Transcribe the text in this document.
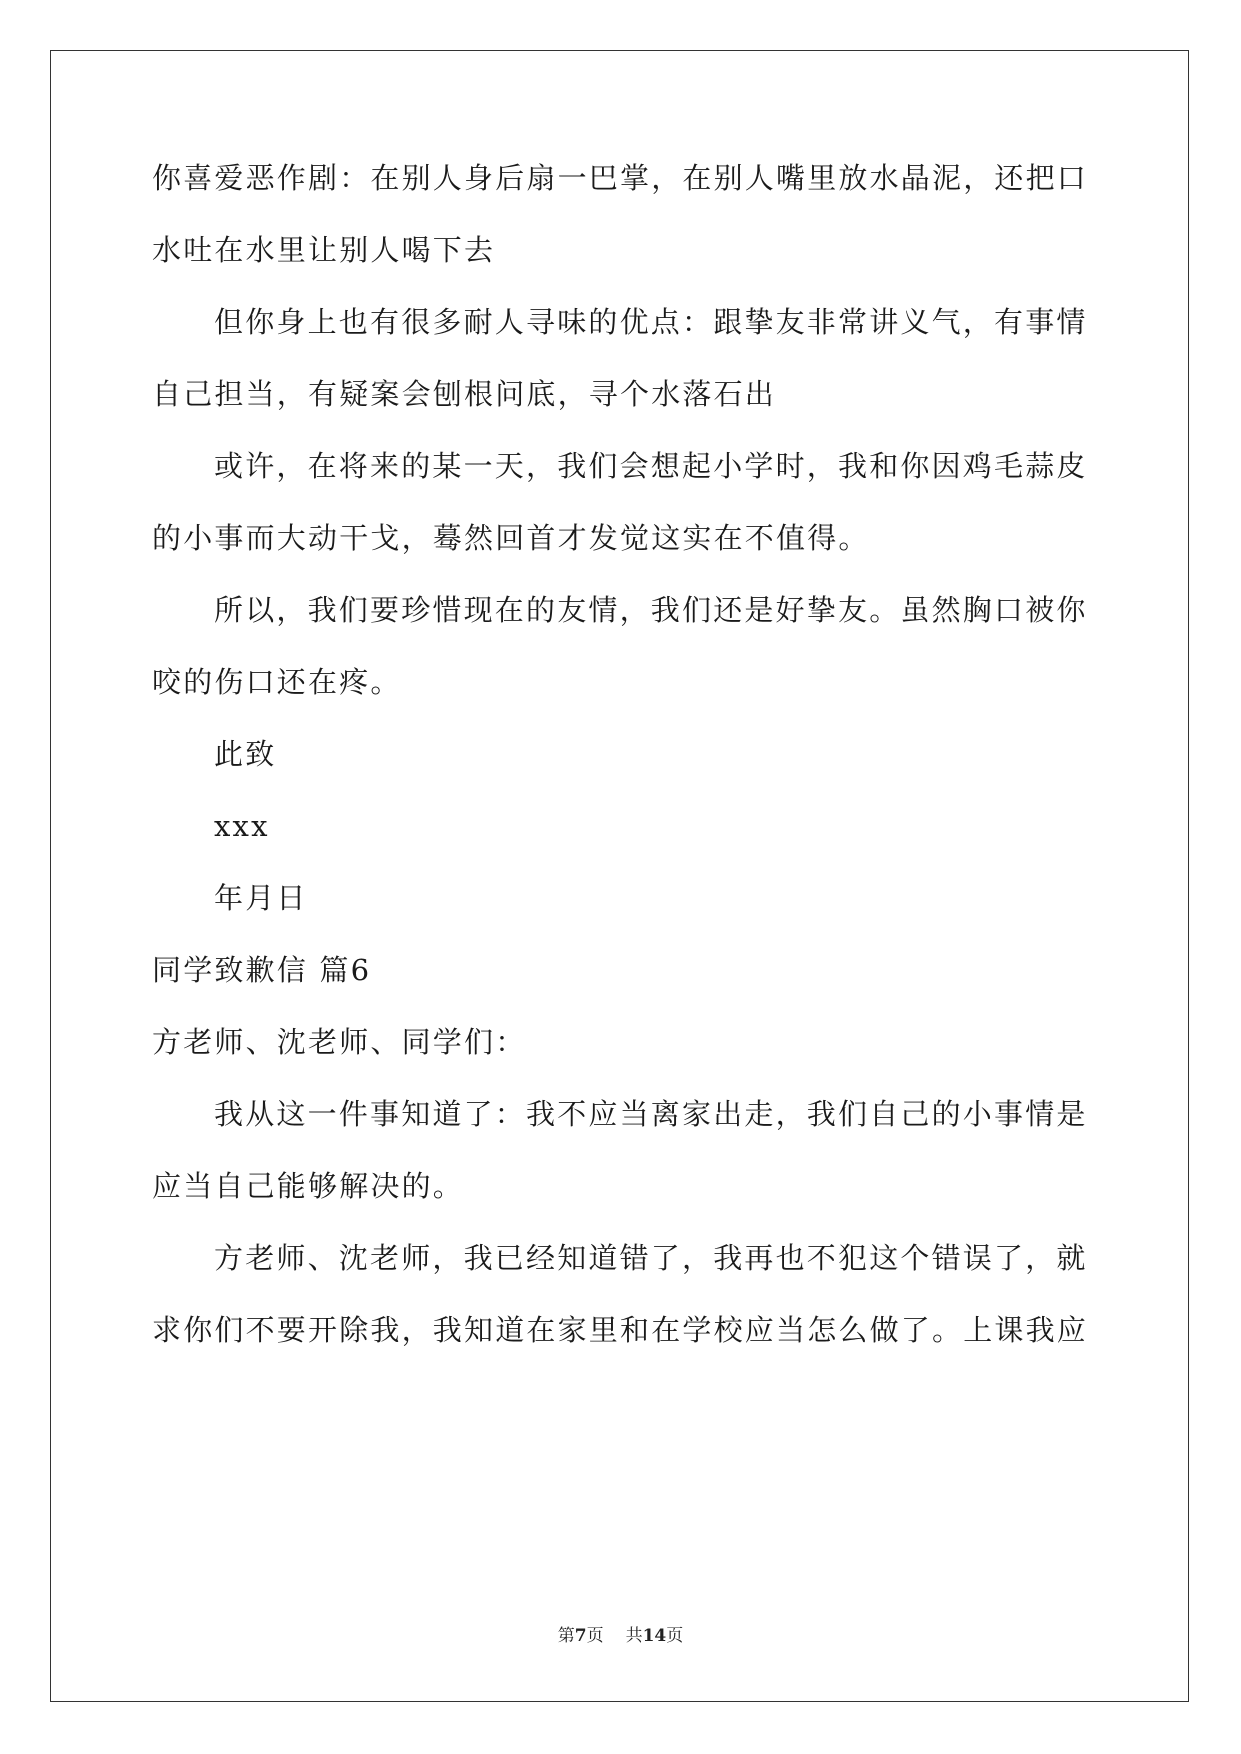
你喜爱恶作剧：在别人身后扇一巴掌，在别人嘴里放水晶泥，还把口
水吐在水里让别人喝下去
但你身上也有很多耐人寻味的优点：跟挚友非常讲义气，有事情
自己担当，有疑案会刨根问底，寻个水落石出
或许，在将来的某一天，我们会想起小学时，我和你因鸡毛蒜皮
的小事而大动干戈，蓦然回首才发觉这实在不值得。
所以，我们要珍惜现在的友情，我们还是好挚友。虽然胸口被你
咬的伤口还在疼。
此致
xxx
年月日
同学致歉信 篇6
方老师、沈老师、同学们：
我从这一件事知道了：我不应当离家出走，我们自己的小事情是
应当自己能够解决的。
方老师、沈老师，我已经知道错了，我再也不犯这个错误了，就
求你们不要开除我，我知道在家里和在学校应当怎么做了。上课我应
第7页 共14页
